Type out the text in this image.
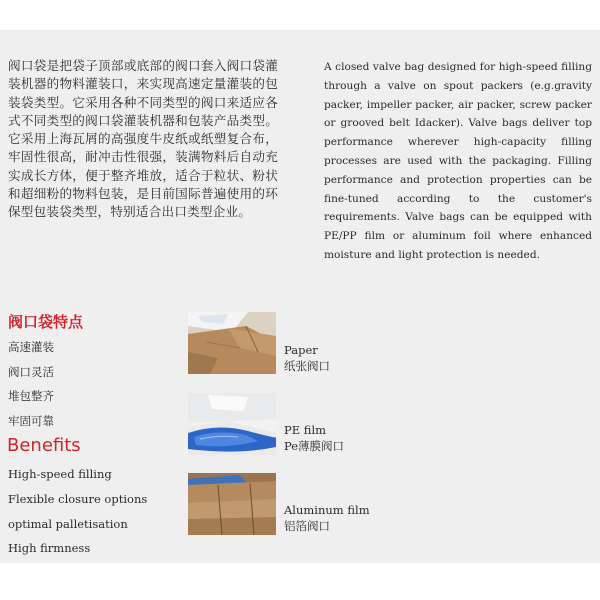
阀口袋是把袋子顶部或底部的阀口套入阀口袋灌装机器的物料灌装口，来实现高速定量灌装的包装袋类型。它采用各种不同类型的阀口来适应各式不同类型的阀口袋灌装机器和包装产品类型。它采用上海瓦屑的高强度牛皮纸或纸塑复合布，牢固性很高，耐冲击性很强，装满物料后自动充实成长方体，便于整齐堆放，适合于粒状、粉状和超细粉的物料包装，是目前国际普遍使用的环保型包装袋类型，特别适合出口类型企业。
A closed valve bag designed for high-speed filling through a valve on spout packers (e.g.gravity packer, impeller packer, air packer, screw packer or grooved belt Idacker). Valve bags deliver top performance wherever high-capacity filling processes are used with the packaging. Filling performance and protection properties can be fine-tuned according to the customer's requirements. Valve bags can be equipped with PE/PP film or aluminum foil where enhanced moisture and light protection is needed.
阀口袋特点
高速灌装
阀口灵活
堆包整齐
牢固可靠
Benefits
High-speed filling
Flexible closure options
optimal palletisation
High firmness
Paper
纸张阀口
PE film
Pe薄膜阀口
Aluminum film
铝箔阀口
